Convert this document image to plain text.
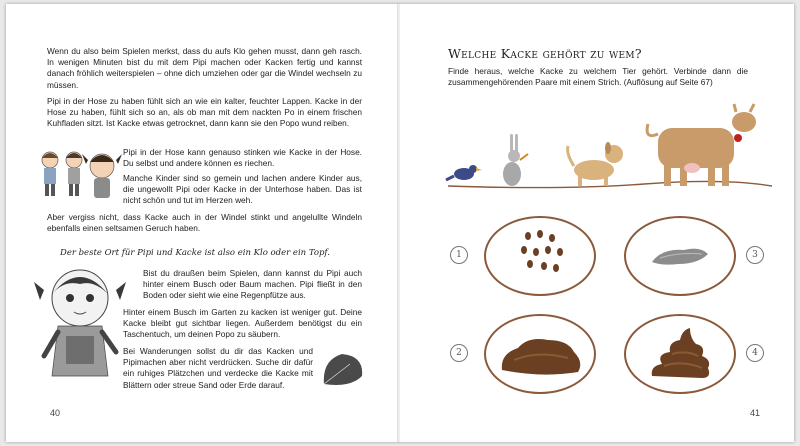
Wenn du also beim Spielen merkst, dass du aufs Klo gehen musst, dann geh rasch. In wenigen Minuten bist du mit dem Pipi machen oder Kacken fertig und kannst danach fröhlich weiterspielen – ohne dich umziehen oder gar die Windel wechseln zu müssen.
Pipi in der Hose zu haben fühlt sich an wie ein kalter, feuchter Lappen. Kacke in der Hose zu haben, fühlt sich so an, als ob man mit dem nackten Po in einem frischen Kuhfladen sitzt. Ist Kacke etwas getrocknet, dann kann sie den Popo wund reiben.
Pipi in der Hose kann genauso stinken wie Kacke in der Hose. Du selbst und andere können es riechen.
Manche Kinder sind so gemein und lachen andere Kinder aus, die ungewollt Pipi oder Kacke in der Unterhose haben. Das ist nicht schön und tut im Herzen weh.
Aber vergiss nicht, dass Kacke auch in der Windel stinkt und angelullte Windeln ebenfalls einen seltsamen Geruch haben.
Der beste Ort für Pipi und Kacke ist also ein Klo oder ein Topf.
Bist du draußen beim Spielen, dann kannst du Pipi auch hinter einem Busch oder Baum machen. Pipi fließt in den Boden oder sieht wie eine Regenpfütze aus.
Hinter einem Busch im Garten zu kacken ist weniger gut. Deine Kacke bleibt gut sichtbar liegen. Außerdem benötigst du ein Taschentuch, um deinen Popo zu säubern.
Bei Wanderungen sollst du dir das Kacken und Pipimachen aber nicht verdrücken. Suche dir dafür ein ruhiges Plätzchen und verdecke die Kacke mit Blättern oder streue Sand oder Erde darauf.
40
Welche Kacke gehört zu wem?
Finde heraus, welche Kacke zu welchem Tier gehört. Verbinde dann die zusammengehörenden Paare mit einem Strich. (Auflösung auf Seite 67)
1
2
3
4
41
